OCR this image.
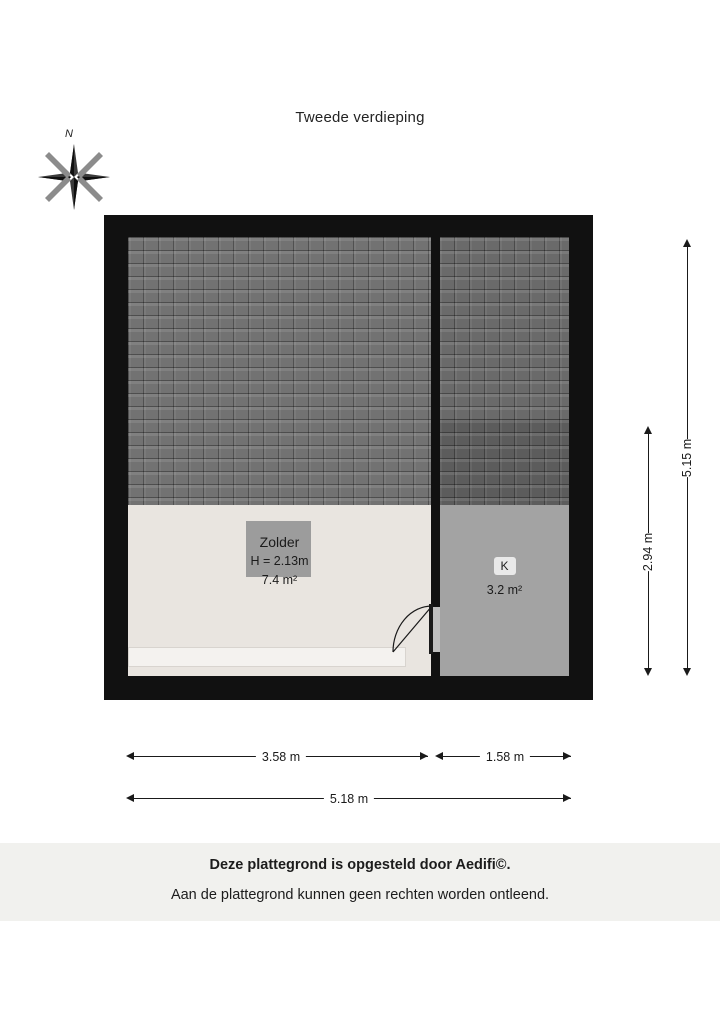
Tweede verdieping
N
K
3.2 m²
Zolder
H = 2.13m
7.4 m²
2.94 m
5.15 m
3.58 m	1.58 m
5.18 m
Deze plattegrond is opgesteld door Aedifi©.
Aan de plattegrond kunnen geen rechten worden ontleend.
